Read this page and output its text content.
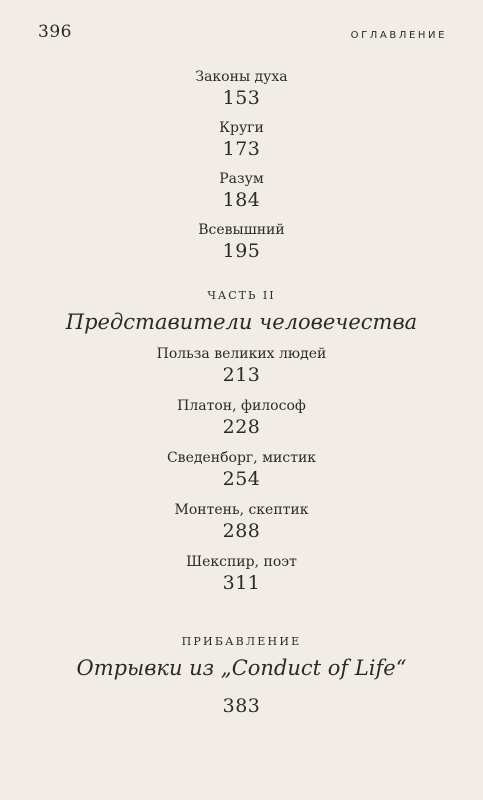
396	ОГЛАВЛЕНИЕ
Законы духа
153
Круги
173
Разум
184
Всевышний
195
ЧАСТЬ II
Представители человечества
Польза великих людей
213
Платон, философ
228
Сведенборг, мистик
254
Монтень, скептик
288
Шекспир, поэт
311
ПРИБАВЛЕНИЕ
Отрывки из „Conduct of Life“
383
